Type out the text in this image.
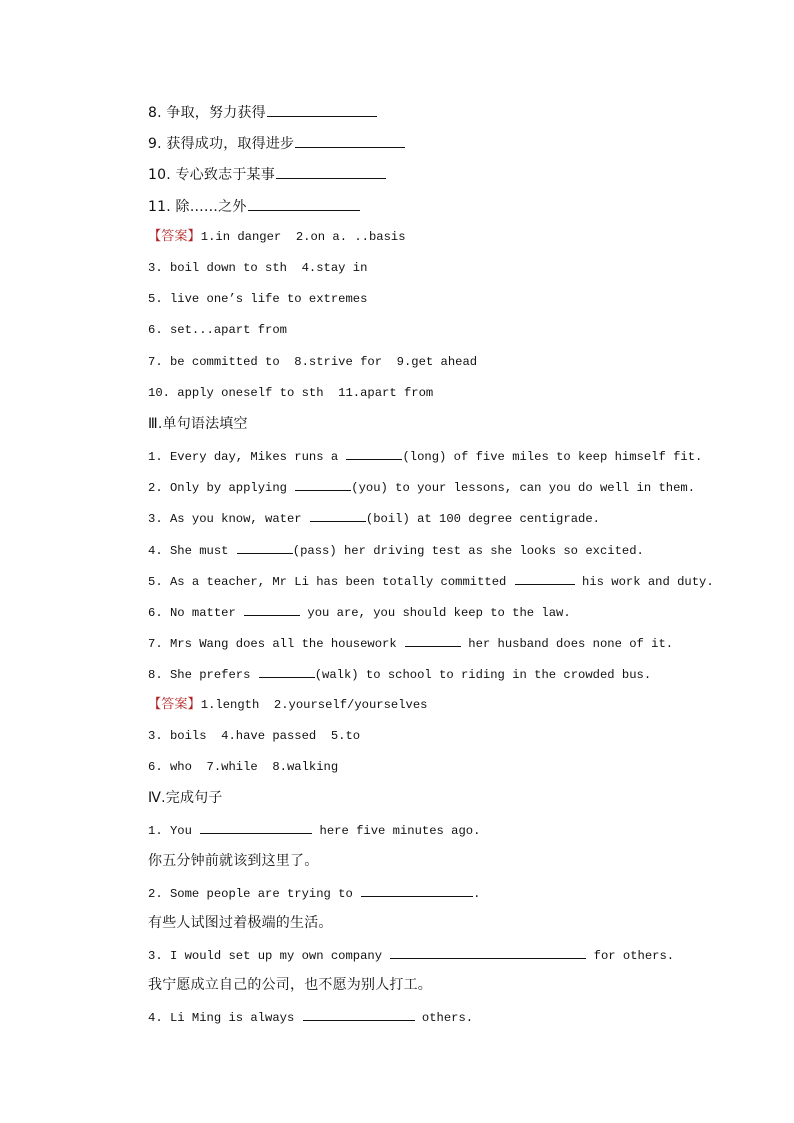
8. 争取，努力获得
9. 获得成功，取得进步
10. 专心致志于某事
11. 除……之外
【答案】1.in danger  2.on a. ..basis
3. boil down to sth  4.stay in
5. live one’s life to extremes
6. set...apart from
7. be committed to  8.strive for  9.get ahead
10. apply oneself to sth  11.apart from
Ⅲ.单句语法填空
1. Every day, Mikes runs a	(long) of five miles to keep himself fit.
2. Only by applying	(you) to your lessons, can you do well in them.
3. As you know, water	(boil) at 100 degree centigrade.
4. She must	(pass) her driving test as she looks so excited.
5. As a teacher, Mr Li has been totally committed	his work and duty.
6. No matter	you are, you should keep to the law.
7. Mrs Wang does all the housework	her husband does none of it.
8. She prefers	(walk) to school to riding in the crowded bus.
【答案】1.length  2.yourself/yourselves
3. boils  4.have passed  5.to
6. who  7.while  8.walking
Ⅳ.完成句子
1. You	here five minutes ago.
你五分钟前就该到这里了。
2. Some people are trying to	.
有些人试图过着极端的生活。
3. I would set up my own company	for others.
我宁愿成立自己的公司，也不愿为别人打工。
4. Li Ming is always	others.
